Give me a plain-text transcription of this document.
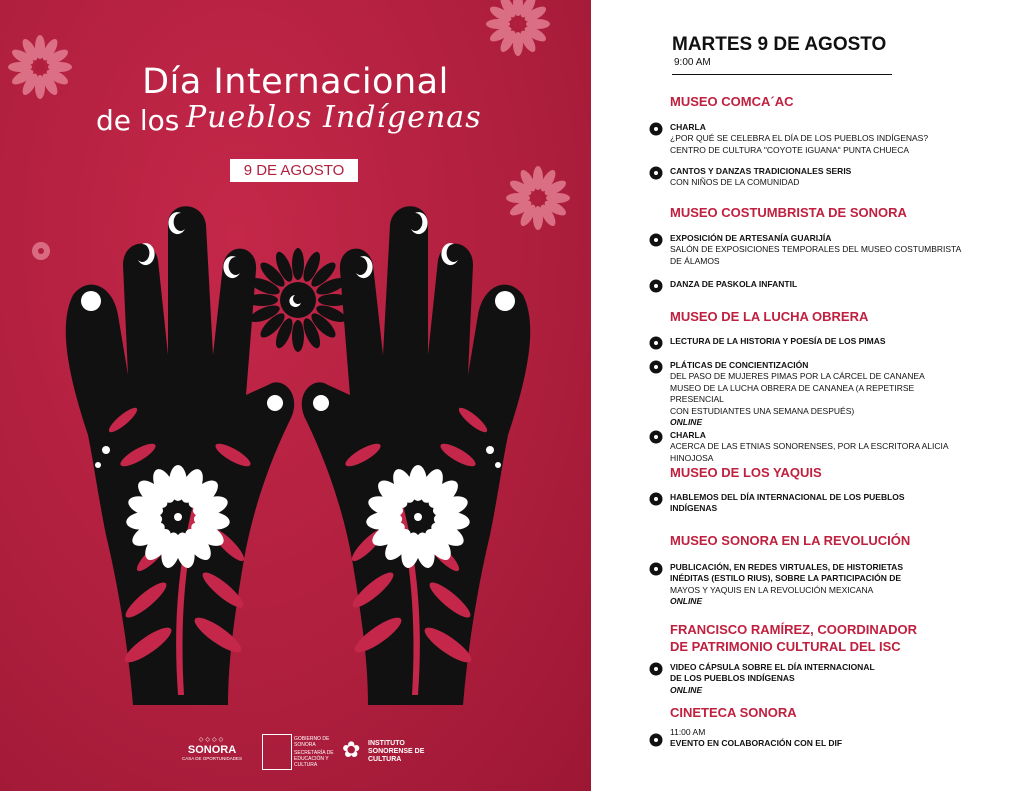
Día Internacional
de los Pueblos Indígenas
9 DE AGOSTO
◇◇◇◇
SONORA
CASA DE OPORTUNIDADES
GOBIERNO DE SONORA
SECRETARÍA DE EDUCACIÓN Y CULTURA
✿ INSTITUTO SONORENSE DE CULTURA
MARTES 9 DE AGOSTO
9:00 AM
MUSEO COMCA´AC
CHARLA
¿POR QUÉ SE CELEBRA EL DÍA DE LOS PUEBLOS INDÍGENAS?
CENTRO DE CULTURA "COYOTE IGUANA" PUNTA CHUECA
CANTOS Y DANZAS TRADICIONALES SERIS
CON NIÑOS DE LA COMUNIDAD
MUSEO COSTUMBRISTA DE SONORA
EXPOSICIÓN DE ARTESANÍA GUARIJÍA
SALÓN DE EXPOSICIONES TEMPORALES DEL MUSEO COSTUMBRISTA
DE ÁLAMOS
DANZA DE PASKOLA INFANTIL
MUSEO DE LA LUCHA OBRERA
LECTURA DE LA HISTORIA Y POESÍA DE LOS PIMAS
PLÁTICAS DE CONCIENTIZACIÓN
DEL PASO DE MUJERES PIMAS POR LA CÁRCEL DE CANANEA
MUSEO DE LA LUCHA OBRERA DE CANANEA (A REPETIRSE PRESENCIAL
CON ESTUDIANTES UNA SEMANA DESPUÉS)
ONLINE
CHARLA
ACERCA DE LAS ETNIAS SONORENSES, POR LA ESCRITORA ALICIA
HINOJOSA
MUSEO DE LOS YAQUIS
HABLEMOS DEL DÍA INTERNACIONAL DE LOS PUEBLOS
INDÍGENAS
MUSEO SONORA EN LA REVOLUCIÓN
PUBLICACIÓN, EN REDES VIRTUALES, DE HISTORIETAS
INÉDITAS (ESTILO RIUS), SOBRE LA PARTICIPACIÓN DE
MAYOS Y YAQUIS EN LA REVOLUCIÓN MEXICANA
ONLINE
FRANCISCO RAMÍREZ, COORDINADOR
DE PATRIMONIO CULTURAL DEL ISC
VIDEO CÁPSULA SOBRE EL DÍA INTERNACIONAL
DE LOS PUEBLOS INDÍGENAS
ONLINE
CINETECA SONORA
11:00 AM
EVENTO EN COLABORACIÓN CON EL DIF
